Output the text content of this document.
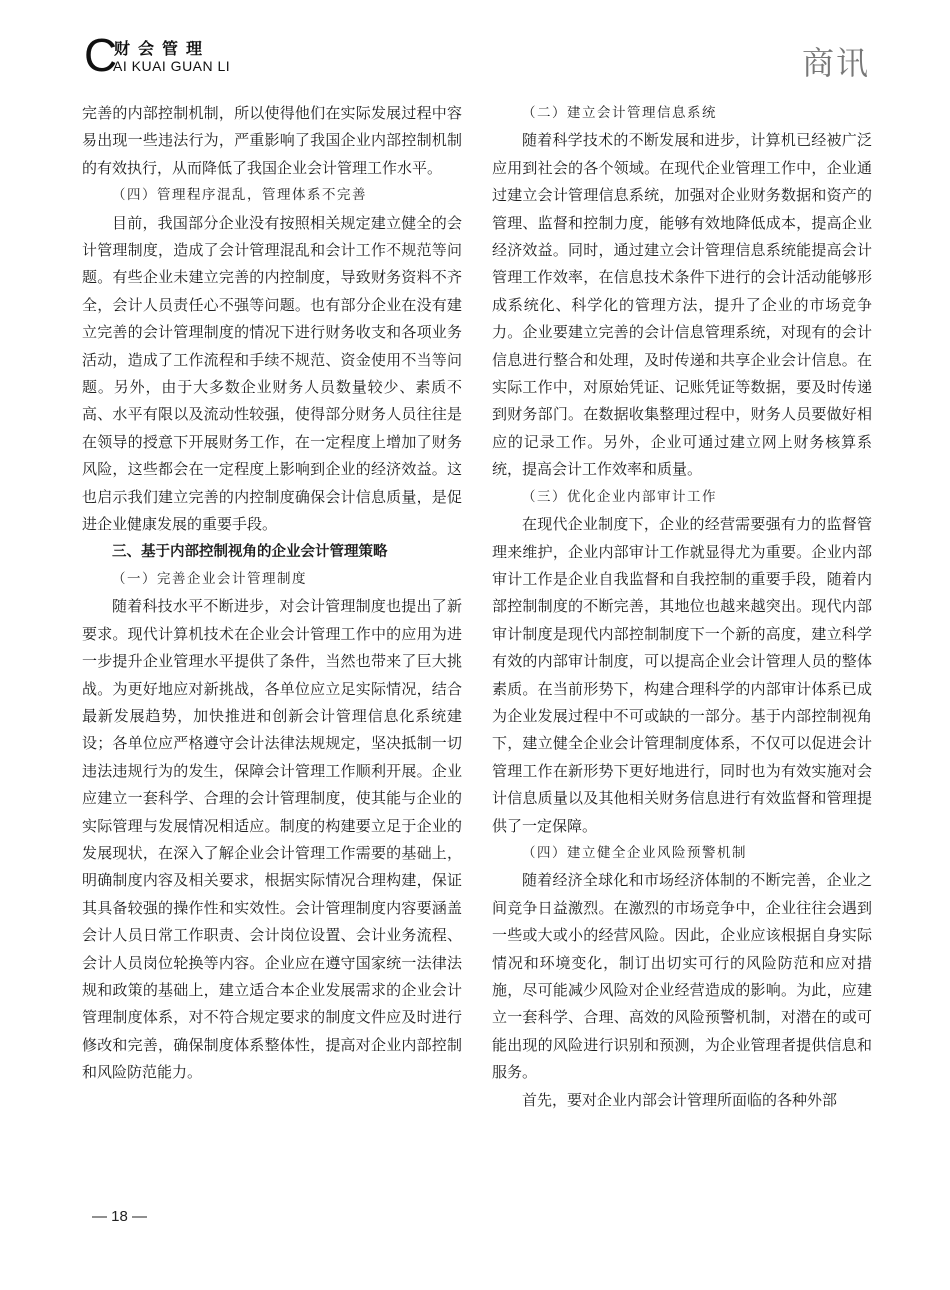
C
财会管理
AI KUAI GUAN LI	商讯

完善的内部控制机制，所以使得他们在实际发展过程中容易出现一些违法行为，严重影响了我国企业内部控制机制的有效执行，从而降低了我国企业会计管理工作水平。

（四）管理程序混乱，管理体系不完善

目前，我国部分企业没有按照相关规定建立健全的会计管理制度，造成了会计管理混乱和会计工作不规范等问题。有些企业未建立完善的内控制度，导致财务资料不齐全，会计人员责任心不强等问题。也有部分企业在没有建立完善的会计管理制度的情况下进行财务收支和各项业务活动，造成了工作流程和手续不规范、资金使用不当等问题。另外，由于大多数企业财务人员数量较少、素质不高、水平有限以及流动性较强，使得部分财务人员往往是在领导的授意下开展财务工作，在一定程度上增加了财务风险，这些都会在一定程度上影响到企业的经济效益。这也启示我们建立完善的内控制度确保会计信息质量，是促进企业健康发展的重要手段。

三、基于内部控制视角的企业会计管理策略

（一）完善企业会计管理制度

随着科技水平不断进步，对会计管理制度也提出了新要求。现代计算机技术在企业会计管理工作中的应用为进一步提升企业管理水平提供了条件，当然也带来了巨大挑战。为更好地应对新挑战，各单位应立足实际情况，结合最新发展趋势，加快推进和创新会计管理信息化系统建设；各单位应严格遵守会计法律法规规定，坚决抵制一切违法违规行为的发生，保障会计管理工作顺利开展。企业应建立一套科学、合理的会计管理制度，使其能与企业的实际管理与发展情况相适应。制度的构建要立足于企业的发展现状，在深入了解企业会计管理工作需要的基础上，明确制度内容及相关要求，根据实际情况合理构建，保证其具备较强的操作性和实效性。会计管理制度内容要涵盖会计人员日常工作职责、会计岗位设置、会计业务流程、会计人员岗位轮换等内容。企业应在遵守国家统一法律法规和政策的基础上，建立适合本企业发展需求的企业会计管理制度体系，对不符合规定要求的制度文件应及时进行修改和完善，确保制度体系整体性，提高对企业内部控制和风险防范能力。

（二）建立会计管理信息系统

随着科学技术的不断发展和进步，计算机已经被广泛应用到社会的各个领域。在现代企业管理工作中，企业通过建立会计管理信息系统，加强对企业财务数据和资产的管理、监督和控制力度，能够有效地降低成本，提高企业经济效益。同时，通过建立会计管理信息系统能提高会计管理工作效率，在信息技术条件下进行的会计活动能够形成系统化、科学化的管理方法，提升了企业的市场竞争力。企业要建立完善的会计信息管理系统，对现有的会计信息进行整合和处理，及时传递和共享企业会计信息。在实际工作中，对原始凭证、记账凭证等数据，要及时传递到财务部门。在数据收集整理过程中，财务人员要做好相应的记录工作。另外，企业可通过建立网上财务核算系统，提高会计工作效率和质量。

（三）优化企业内部审计工作

在现代企业制度下，企业的经营需要强有力的监督管理来维护，企业内部审计工作就显得尤为重要。企业内部审计工作是企业自我监督和自我控制的重要手段，随着内部控制制度的不断完善，其地位也越来越突出。现代内部审计制度是现代内部控制制度下一个新的高度，建立科学有效的内部审计制度，可以提高企业会计管理人员的整体素质。在当前形势下，构建合理科学的内部审计体系已成为企业发展过程中不可或缺的一部分。基于内部控制视角下，建立健全企业会计管理制度体系，不仅可以促进会计管理工作在新形势下更好地进行，同时也为有效实施对会计信息质量以及其他相关财务信息进行有效监督和管理提供了一定保障。

（四）建立健全企业风险预警机制

随着经济全球化和市场经济体制的不断完善，企业之间竞争日益激烈。在激烈的市场竞争中，企业往往会遇到一些或大或小的经营风险。因此，企业应该根据自身实际情况和环境变化，制订出切实可行的风险防范和应对措施，尽可能减少风险对企业经营造成的影响。为此，应建立一套科学、合理、高效的风险预警机制，对潜在的或可能出现的风险进行识别和预测，为企业管理者提供信息和服务。

首先，要对企业内部会计管理所面临的各种外部

— 18 —
